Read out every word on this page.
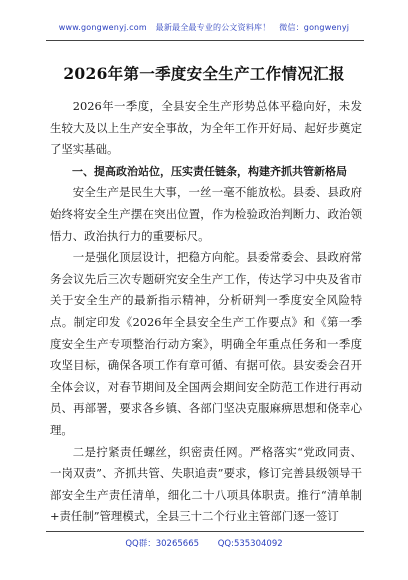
www.gongwenyj.com 最新最全最专业的公文资料库！ 微信：gongwenyj
2026年第一季度安全生产工作情况汇报

2026年一季度，全县安全生产形势总体平稳向好，未发生较大及以上生产安全事故，为全年工作开好局、起好步奠定了坚实基础。

一、提高政治站位，压实责任链条，构建齐抓共管新格局

安全生产是民生大事，一丝一毫不能放松。县委、县政府始终将安全生产摆在突出位置，作为检验政治判断力、政治领悟力、政治执行力的重要标尺。

一是强化顶层设计，把稳方向舵。县委常委会、县政府常务会议先后三次专题研究安全生产工作，传达学习中央及省市关于安全生产的最新指示精神，分析研判一季度安全风险特点。制定印发《2026年全县安全生产工作要点》和《第一季度安全生产专项整治行动方案》，明确全年重点任务和一季度攻坚目标，确保各项工作有章可循、有据可依。县安委会召开全体会议，对春节期间及全国两会期间安全防范工作进行再动员、再部署，要求各乡镇、各部门坚决克服麻痹思想和侥幸心理。

二是拧紧责任螺丝，织密责任网。严格落实“党政同责、一岗双责”、齐抓共管、失职追责”要求，修订完善县级领导干部安全生产责任清单，细化二十八项具体职责。推行“清单制+责任制”管理模式，全县三十二个行业主管部门逐一签订

QQ群：30265665 QQ:535304092
